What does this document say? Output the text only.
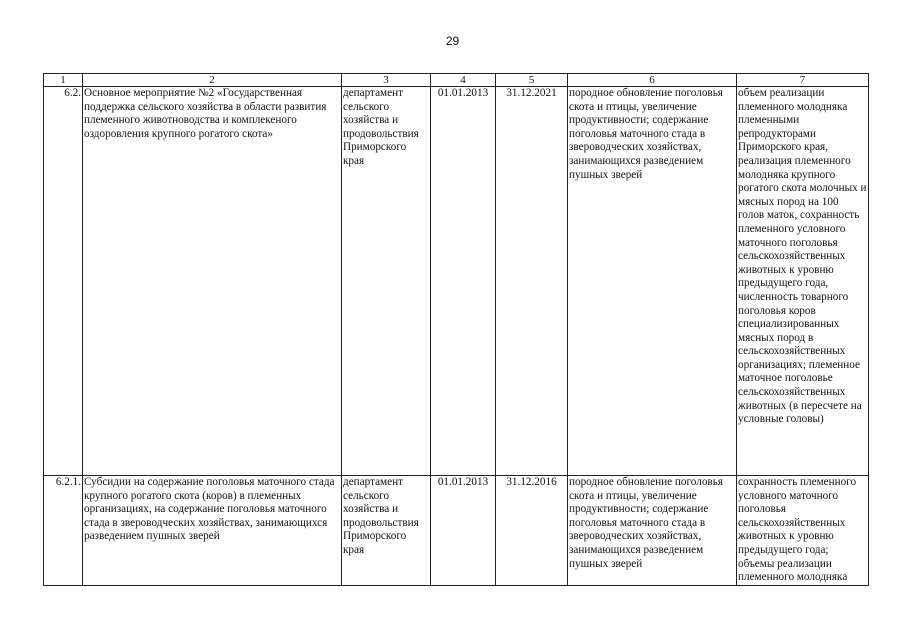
29
1	2	3	4	5	6	7
6.2.	Основное мероприятие №2 «Государственная поддержка сельского хозяйства в области развития племенного животноводства и комплекеного оздоровления крупного рогатого скота»	департамент сельского хозяйства и продовольствия Приморского края	01.01.2013	31.12.2021	породное обновление поголовья скота и птицы, увеличение продуктивности; содержание поголовья маточного стада в звероводческих хозяйствах, занимающихся разведением пушных зверей	объем реализации племенного молодняка племенными репродукторами Приморского края, реализация племенного молодняка крупного рогатого скота молочных и мясных пород на 100 голов маток, сохранность племенного условного маточного поголовья сельскохозяйственных животных к уровню предыдущего года, численность товарного поголовья коров специализированных мясных пород в сельскохозяйственных организациях; племенное маточное поголовье сельскохозяйственных животных (в пересчете на условные головы)
6.2.1.	Субсидии на содержание поголовья маточного стада крупного рогатого скота (коров) в племенных организациях, на содержание поголовья маточного стада в звероводческих хозяйствах, занимающихся разведением пушных зверей	департамент сельского хозяйства и продовольствия Приморского края	01.01.2013	31.12.2016	породное обновление поголовья скота и птицы, увеличение продуктивности; содержание поголовья маточного стада в звероводческих хозяйствах, занимающихся разведением пушных зверей	сохранность племенного условного маточного поголовья сельскохозяйственных животных к уровню предыдущего года; объемы реализации племенного молодняка
